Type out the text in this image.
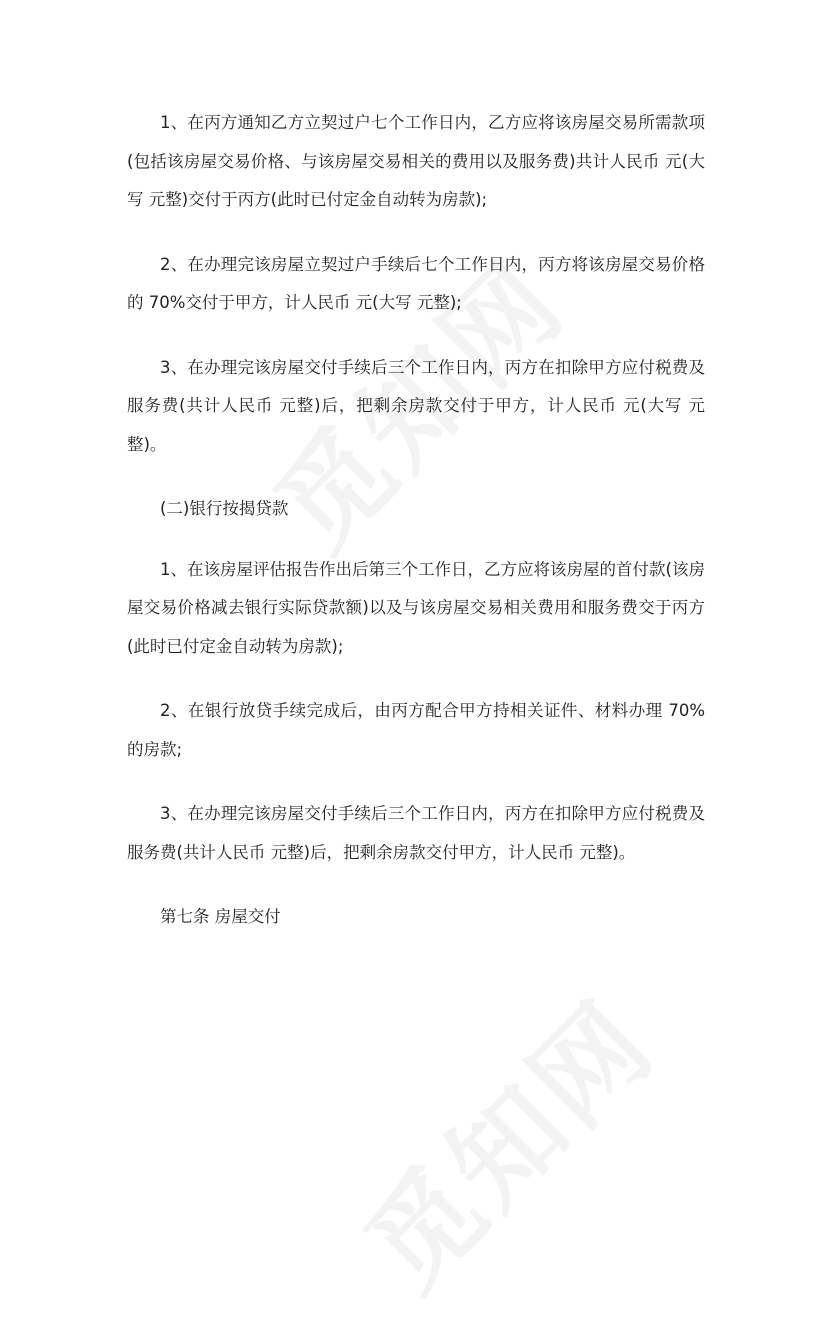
1、在丙方通知乙方立契过户七个工作日内，乙方应将该房屋交易所需款项(包括该房屋交易价格、与该房屋交易相关的费用以及服务费)共计人民币 元(大写 元整)交付于丙方(此时已付定金自动转为房款);

2、在办理完该房屋立契过户手续后七个工作日内，丙方将该房屋交易价格的 70%交付于甲方，计人民币 元(大写 元整);

3、在办理完该房屋交付手续后三个工作日内，丙方在扣除甲方应付税费及服务费(共计人民币 元整)后，把剩余房款交付于甲方，计人民币 元(大写 元整)。

(二)银行按揭贷款

1、在该房屋评估报告作出后第三个工作日，乙方应将该房屋的首付款(该房屋交易价格减去银行实际贷款额)以及与该房屋交易相关费用和服务费交于丙方(此时已付定金自动转为房款);

2、在银行放贷手续完成后，由丙方配合甲方持相关证件、材料办理 70%的房款;

3、在办理完该房屋交付手续后三个工作日内，丙方在扣除甲方应付税费及服务费(共计人民币 元整)后，把剩余房款交付甲方，计人民币 元整)。

第七条 房屋交付
